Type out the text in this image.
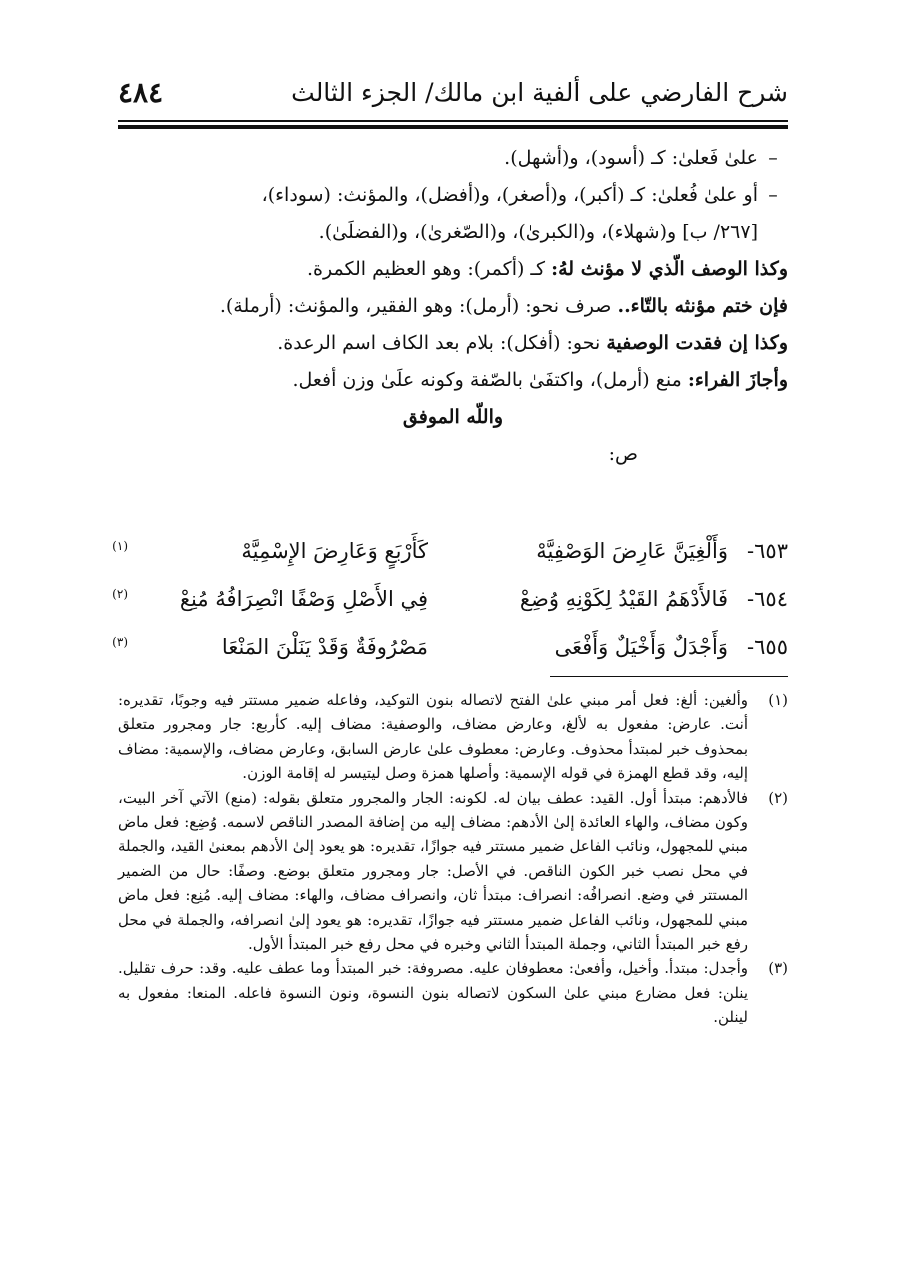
شرح الفارضي على ألفية ابن مالك/ الجزء الثالث
٤٨٤
–علىٰ فَعلىٰ: كـ (أسود)، و(أشهل).
–أو علىٰ فُعلىٰ: كـ (أكبر)، و(أصغر)، و(أفضل)، والمؤنث: (سوداء)،
[٢٦٧/ ب] و(شهلاء)، و(الكبرىٰ)، و(الصّغرىٰ)، و(الفضلَىٰ).
وكذا الوصف الّذي لا مؤنث لهُ: كـ (أكمر): وهو العظيم الكمرة.
فإن ختم مؤنثه بالتّاء.. صرف نحو: (أرمل): وهو الفقير، والمؤنث: (أرملة).
وكذا إن فقدت الوصفية نحو: (أفكل): بلام بعد الكاف اسم الرعدة.
وأجازَ الفراء: منع (أرمل)، واكتفَىٰ بالصّفة وكونه علَىٰ وزن أفعل.
واللّه الموفق
ص:
٦٥٣-وَأَلْغِيَنَّ عَارِضَ الوَصْفِيَّهْكَأَرْبَعٍ وَعَارِضَ الإِسْمِيَّهْ$^{(١)}$
٦٥٤-فَالأَدْهَمُ القَيْدُ لِكَوْنِهِ وُضِعْفِي الأَصْلِ وَصْفًا انْصِرَافُهُ مُنِعْ$^{(٢)}$
٦٥٥-وَأَجْدَلٌ وَأَخْيَلٌ وَأَفْعَىمَصْرُوفَةٌ وَقَدْ يَنَلْنَ المَنْعَا$^{(٣)}$
(١)
وألغين: ألغ: فعل أمر مبني علىٰ الفتح لاتصاله بنون التوكيد، وفاعله ضمير مستتر فيه وجوبًا، تقديره: أنت. عارض: مفعول به لألغ، وعارض مضاف، والوصفية: مضاف إليه. كأربع: جار ومجرور متعلق بمحذوف خبر لمبتدأ محذوف. وعارض: معطوف علىٰ عارض السابق، وعارض مضاف، والإسمية: مضاف إليه، وقد قطع الهمزة في قوله الإسمية: وأصلها همزة وصل ليتيسر له إقامة الوزن.
(٢)
فالأدهم: مبتدأ أول. القيد: عطف بيان له. لكونه: الجار والمجرور متعلق بقوله: (منع) الآتي آخر البيت، وكون مضاف، والهاء العائدة إلىٰ الأدهم: مضاف إليه من إضافة المصدر الناقص لاسمه. وُضِع: فعل ماض مبني للمجهول، ونائب الفاعل ضمير مستتر فيه جوازًا، تقديره: هو يعود إلىٰ الأدهم بمعنىٰ القيد، والجملة في محل نصب خبر الكون الناقص. في الأصل: جار ومجرور متعلق بوضع. وصفًا: حال من الضمير المستتر في وضع. انصرافُه: انصراف: مبتدأ ثان، وانصراف مضاف، والهاء: مضاف إليه. مُنِع: فعل ماض مبني للمجهول، ونائب الفاعل ضمير مستتر فيه جوازًا، تقديره: هو يعود إلىٰ انصرافه، والجملة في محل رفع خبر المبتدأ الثاني، وجملة المبتدأ الثاني وخبره في محل رفع خبر المبتدأ الأول.
(٣)
وأجدل: مبتدأ. وأخيل، وأفعىٰ: معطوفان عليه. مصروفة: خبر المبتدأ وما عطف عليه. وقد: حرف تقليل. ينلن: فعل مضارع مبني علىٰ السكون لاتصاله بنون النسوة، ونون النسوة فاعله. المنعا: مفعول به لينلن.
